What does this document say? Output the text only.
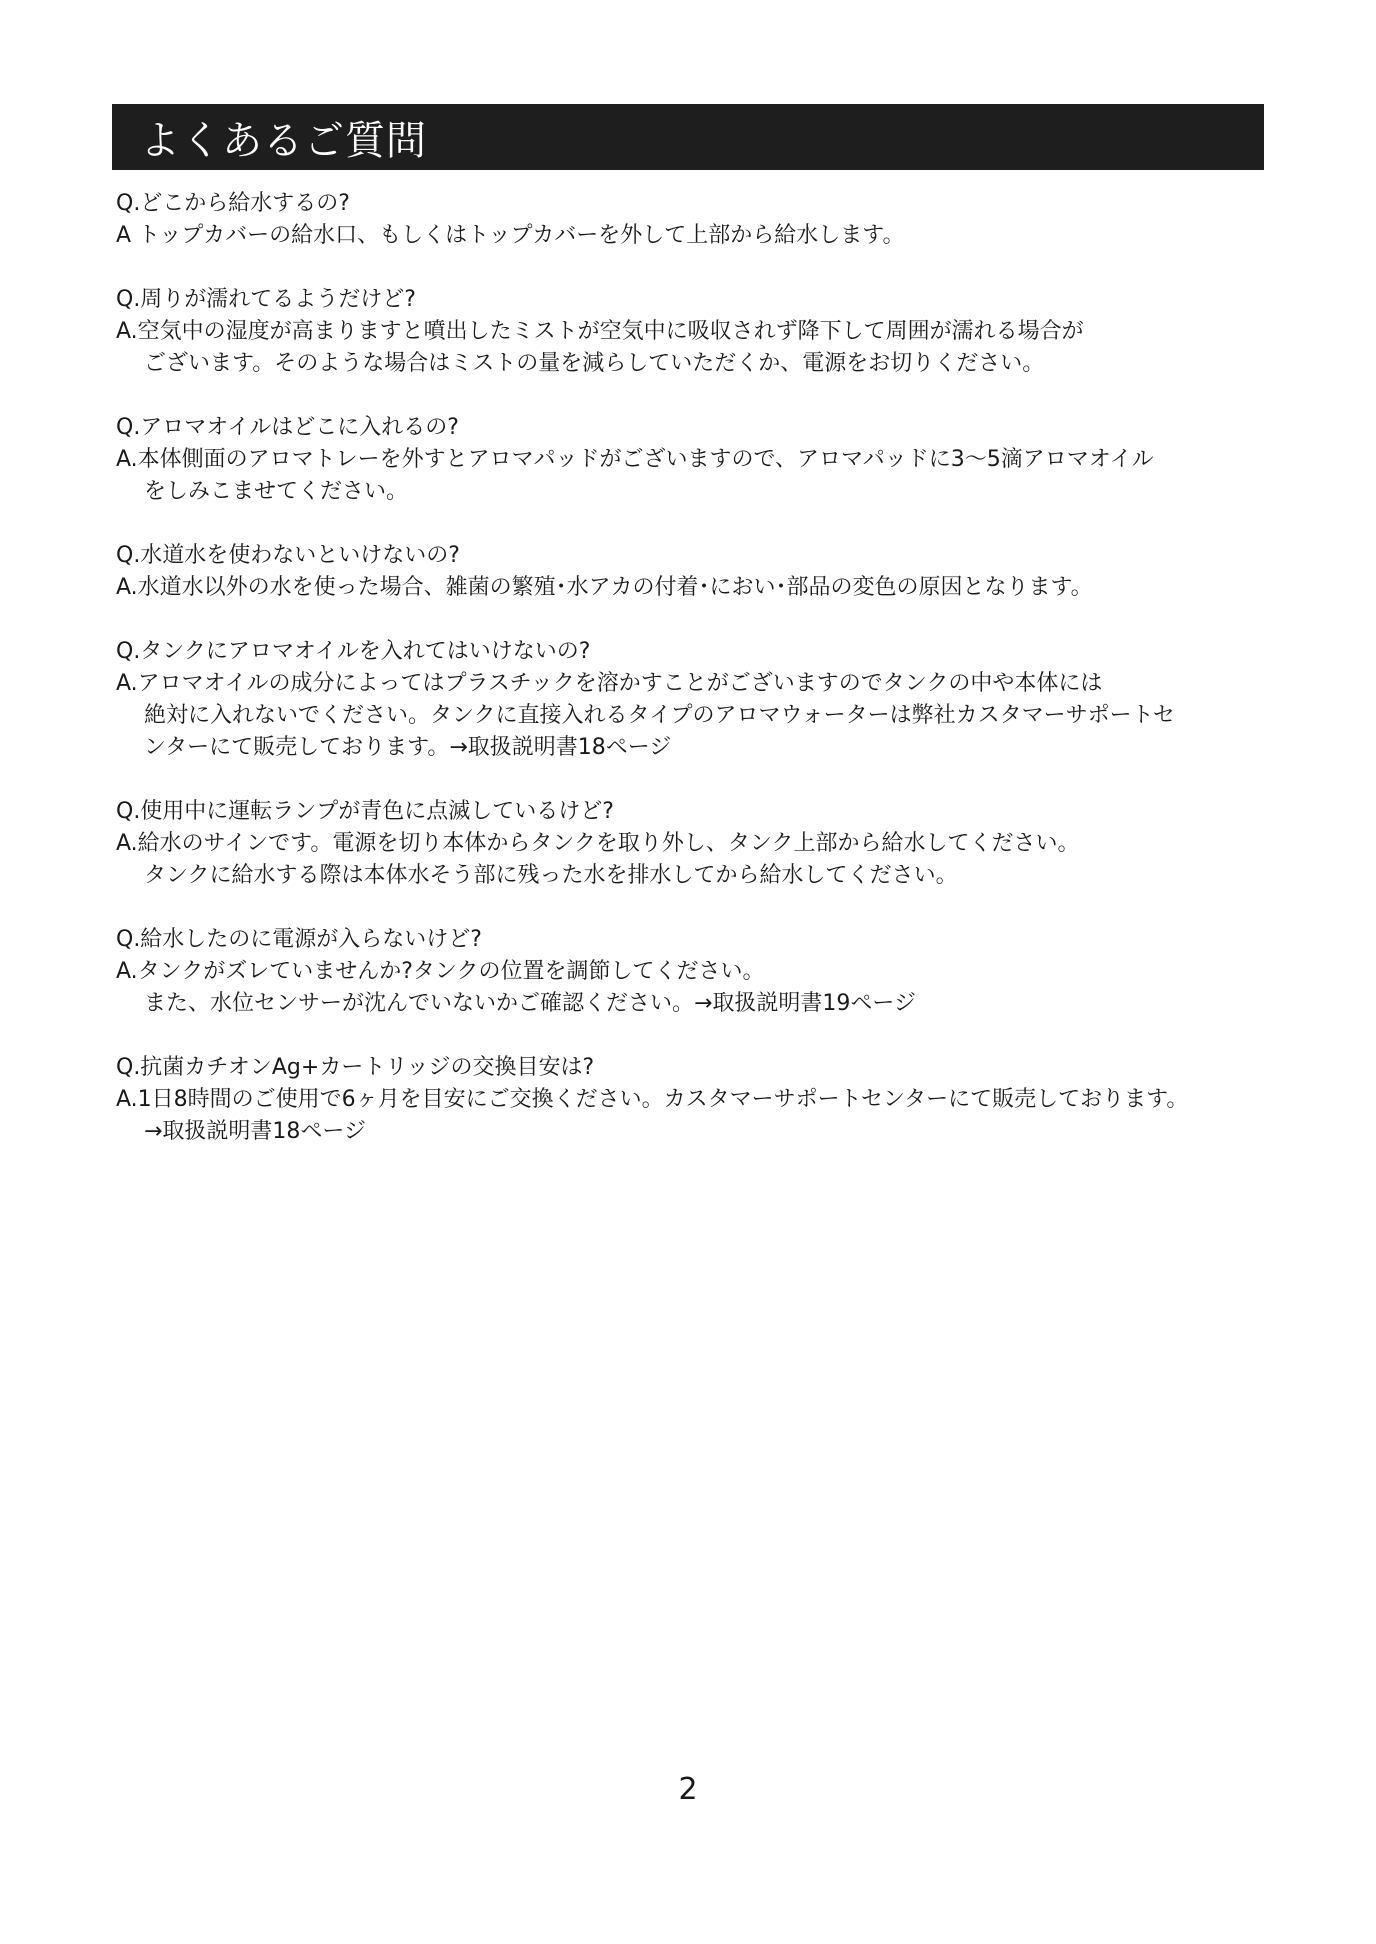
よくあるご質問
Q.どこから給水するの?
A トップカバーの給水口、もしくはトップカバーを外して上部から給水します。
Q.周りが濡れてるようだけど?
A.空気中の湿度が高まりますと噴出したミストが空気中に吸収されず降下して周囲が濡れる場合が
ございます。そのような場合はミストの量を減らしていただくか、電源をお切りください。
Q.アロマオイルはどこに入れるの?
A.本体側面のアロマトレーを外すとアロマパッドがございますので、アロマパッドに3～5滴アロマオイル
をしみこませてください。
Q.水道水を使わないといけないの?
A.水道水以外の水を使った場合、雑菌の繁殖･水アカの付着･におい･部品の変色の原因となります。
Q.タンクにアロマオイルを入れてはいけないの?
A.アロマオイルの成分によってはプラスチックを溶かすことがございますのでタンクの中や本体には
絶対に入れないでください。タンクに直接入れるタイプのアロマウォーターは弊社カスタマーサポートセ
ンターにて販売しております。→取扱説明書18ページ
Q.使用中に運転ランプが青色に点滅しているけど?
A.給水のサインです。電源を切り本体からタンクを取り外し、タンク上部から給水してください。
タンクに給水する際は本体水そう部に残った水を排水してから給水してください。
Q.給水したのに電源が入らないけど?
A.タンクがズレていませんか?タンクの位置を調節してください。
また、水位センサーが沈んでいないかご確認ください。→取扱説明書19ページ
Q.抗菌カチオンAg+カートリッジの交換目安は?
A.1日8時間のご使用で6ヶ月を目安にご交換ください。カスタマーサポートセンターにて販売しております。
→取扱説明書18ページ
2
